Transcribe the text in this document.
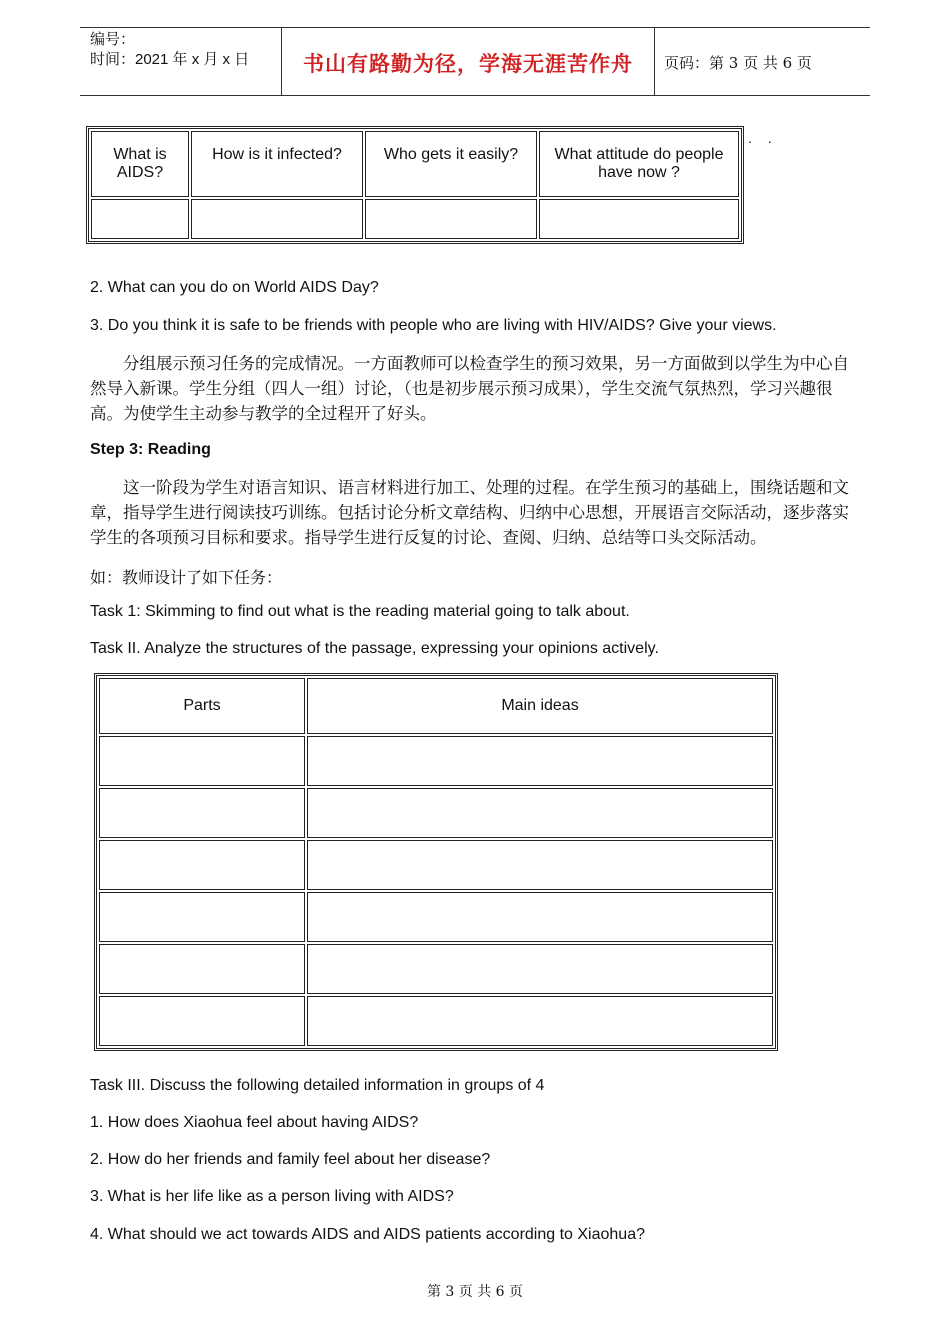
编号：
时间：2021 年 x 月 x 日	书山有路勤为径，学海无涯苦作舟	页码：第 3 页 共 6 页
What is AIDS?	How is it infected?	Who gets it easily?	What attitude do people have now ?

. .
2. What can you do on World AIDS Day?
3. Do you think it is safe to be friends with people who are living with HIV/AIDS? Give your views.
分组展示预习任务的完成情况。一方面教师可以检查学生的预习效果，另一方面做到以学生为中心自然导入新课。学生分组（四人一组）讨论，（也是初步展示预习成果），学生交流气氛热烈，学习兴趣很高。为使学生主动参与教学的全过程开了好头。
Step 3: Reading
这一阶段为学生对语言知识、语言材料进行加工、处理的过程。在学生预习的基础上，围绕话题和文章，指导学生进行阅读技巧训练。包括讨论分析文章结构、归纳中心思想，开展语言交际活动，逐步落实学生的各项预习目标和要求。指导学生进行反复的讨论、查阅、归纳、总结等口头交际活动。
如：教师设计了如下任务：
Task 1: Skimming to find out what is the reading material going to talk about.
Task II. Analyze the structures of the passage, expressing your opinions actively.
Parts	Main ideas

Task III. Discuss the following detailed information in groups of 4
1. How does Xiaohua feel about having AIDS?
2. How do her friends and family feel about her disease?
3. What is her life like as a person living with AIDS?
4. What should we act towards AIDS and AIDS patients according to Xiaohua?
第 3 页 共 6 页
